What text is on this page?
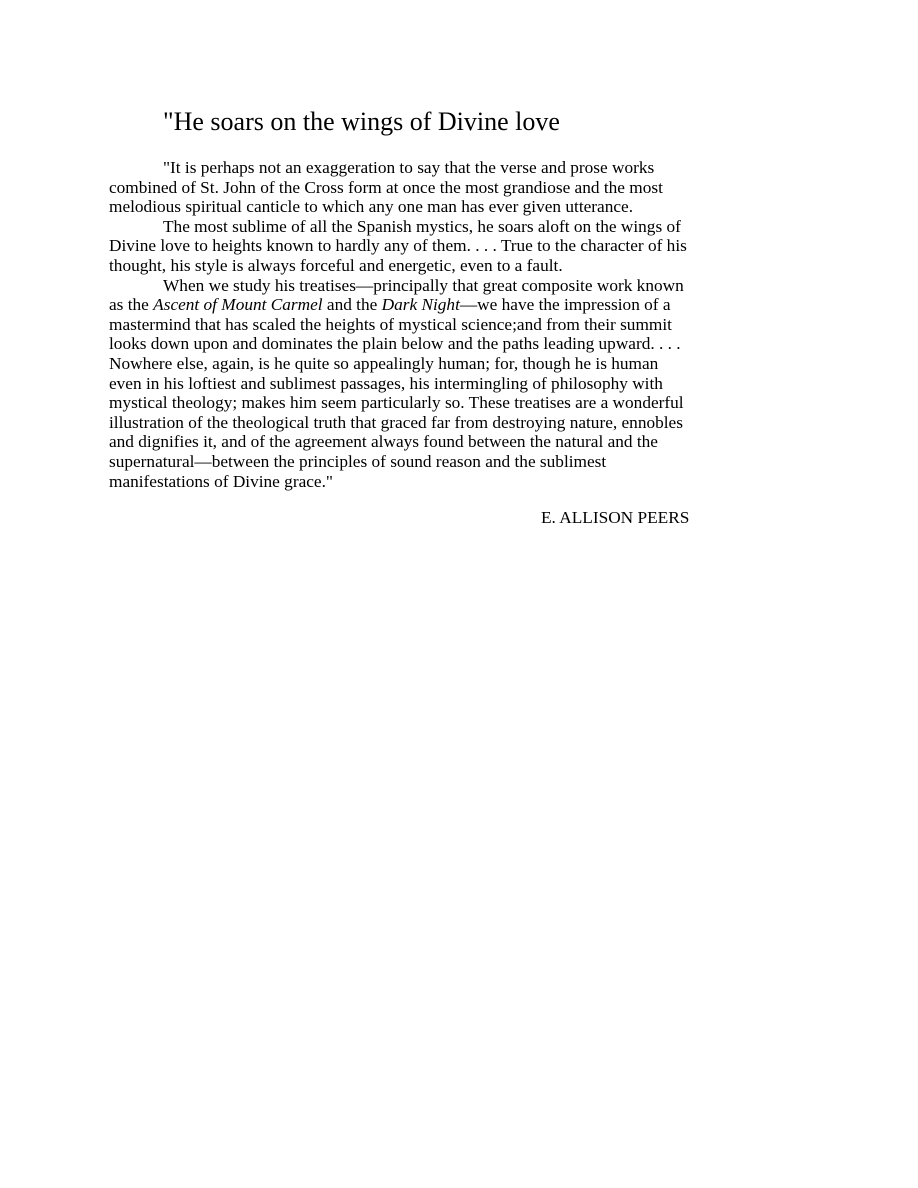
"He soars on the wings of Divine love
"It is perhaps not an exaggeration to say that the verse and prose works
combined of St. John of the Cross form at once the most grandiose and the most
melodious spiritual canticle to which any one man has ever given utterance.
The most sublime of all the Spanish mystics, he soars aloft on the wings of
Divine love to heights known to hardly any of them. . . . True to the character of his
thought, his style is always forceful and energetic, even to a fault.
When we study his treatises—principally that great composite work known
as the Ascent of Mount Carmel and the Dark Night—we have the impression of a
mastermind that has scaled the heights of mystical science;and from their summit
looks down upon and dominates the plain below and the paths leading upward. . . .
Nowhere else, again, is he quite so appealingly human; for, though he is human
even in his loftiest and sublimest passages, his intermingling of philosophy with
mystical theology; makes him seem particularly so. These treatises are a wonderful
illustration of the theological truth that graced far from destroying nature, ennobles
and dignifies it, and of the agreement always found between the natural and the
supernatural—between the principles of sound reason and the sublimest
manifestations of Divine grace."
E. ALLISON PEERS
